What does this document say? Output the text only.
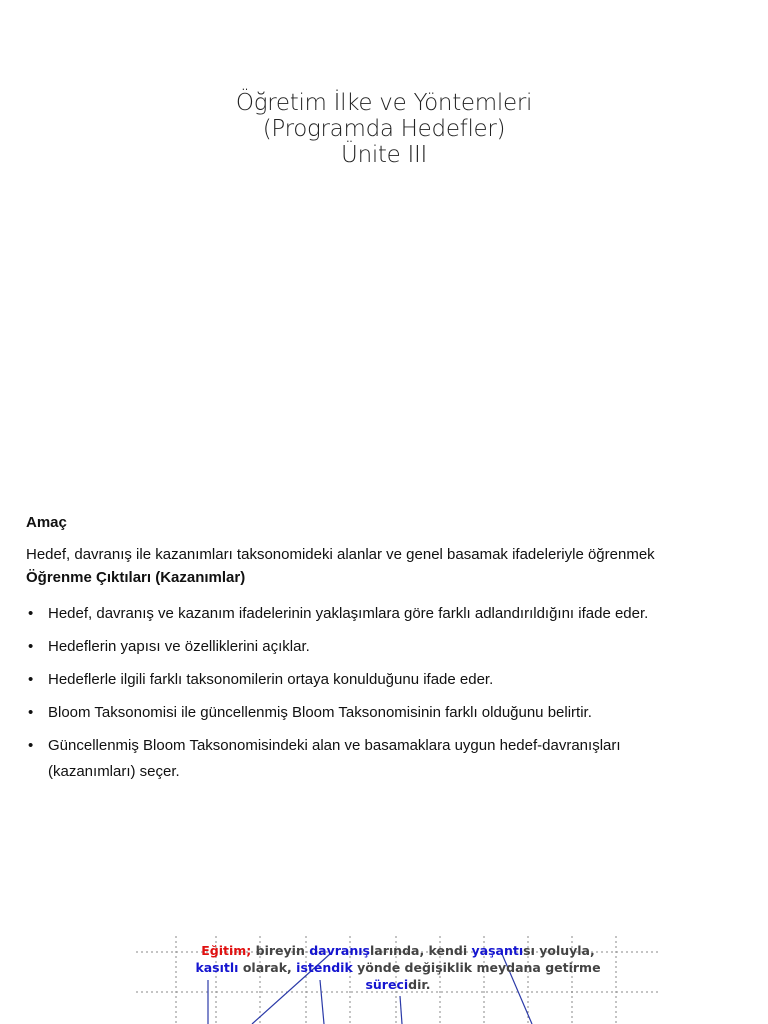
Öğretim İlke ve Yöntemleri
(Programda Hedefler)
Ünite III
Amaç
Hedef, davranış ile kazanımları taksonomideki alanlar ve genel basamak ifadeleriyle öğrenmek
Öğrenme Çıktıları (Kazanımlar)
• Hedef, davranış ve kazanım ifadelerinin yaklaşımlara göre farklı adlandırıldığını ifade eder.
• Hedeflerin yapısı ve özelliklerini açıklar.
• Hedeflerle ilgili farklı taksonomilerin ortaya konulduğunu ifade eder.
• Bloom Taksonomisi ile güncellenmiş Bloom Taksonomisinin farklı olduğunu belirtir.
• Güncellenmiş Bloom Taksonomisindeki alan ve basamaklara uygun hedef-davranışları (kazanımları) seçer.
Eğitim; bireyin davranışlarında, kendi yaşantısı yoluyla,
kasıtlı olarak, istendik yönde değişiklik meydana getirme
sürecidir.
